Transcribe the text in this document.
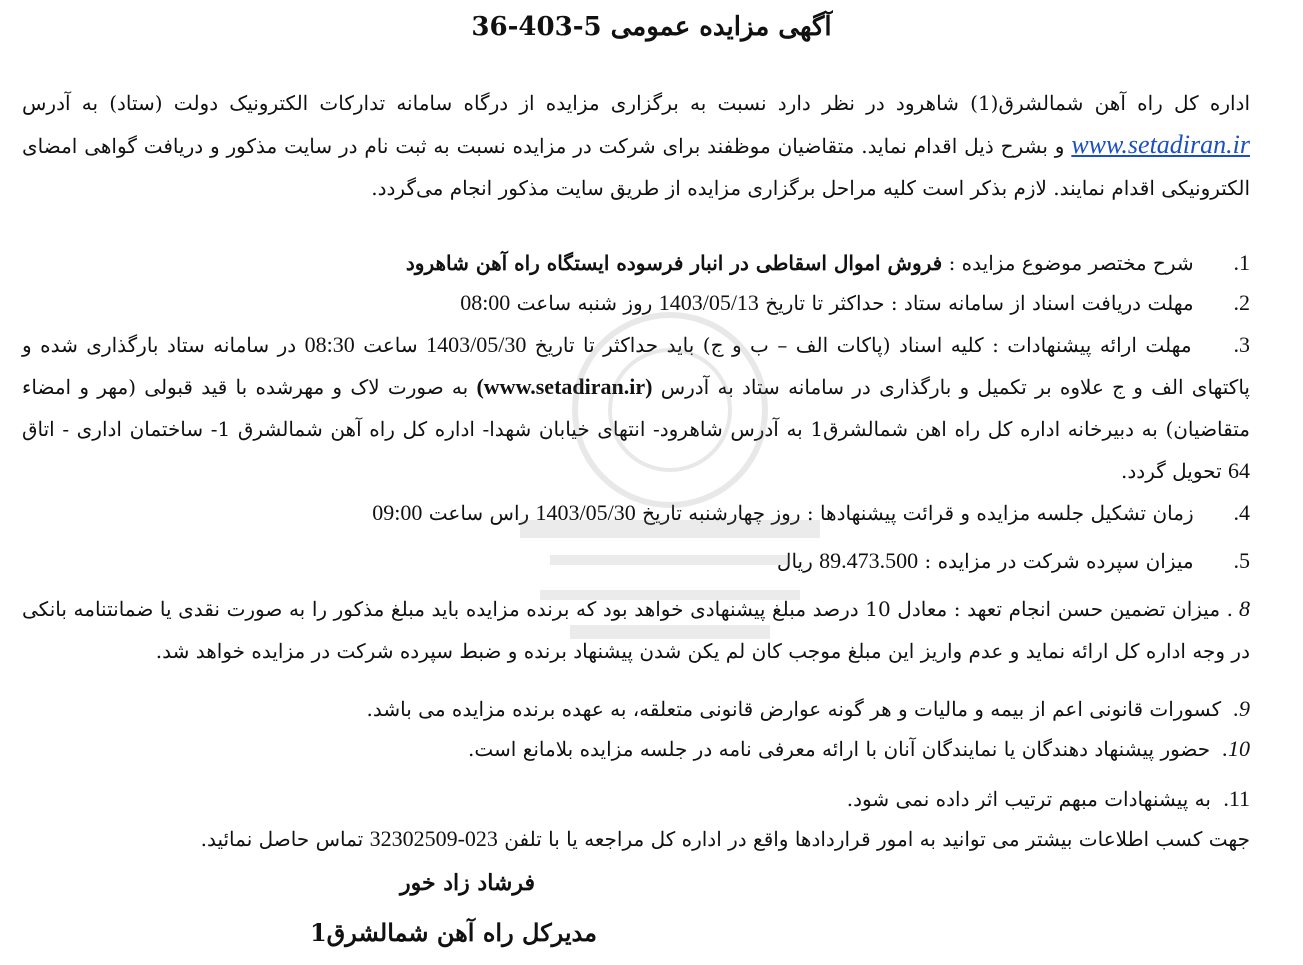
آگهی مزایده عمومی 5-403-36
اداره کل راه آهن شمالشرق(1) شاهرود در نظر دارد نسبت به برگزاری مزایده از درگاه سامانه تدارکات الکترونیک دولت (ستاد) به آدرس www.setadiran.ir و بشرح ذیل اقدام نماید. متقاضیان موظفند برای شرکت در مزایده نسبت به ثبت نام در سایت مذکور و دریافت گواهی امضای الکترونیکی اقدام نمایند. لازم بذکر است کلیه مراحل برگزاری مزایده از طریق سایت مذکور انجام می‌گردد.
1. شرح مختصر موضوع مزایده : فروش اموال اسقاطی در انبار فرسوده ایستگاه راه آهن شاهرود
2. مهلت دریافت اسناد از سامانه ستاد : حداکثر تا تاریخ 1403/05/13 روز شنبه ساعت 08:00
3. مهلت ارائه پیشنهادات : کلیه اسناد (پاکات الف – ب و ج) باید حداکثر تا تاریخ 1403/05/30 ساعت 08:30 در سامانه ستاد بارگذاری شده و پاکتهای الف و ج علاوه بر تکمیل و بارگذاری در سامانه ستاد به آدرس (www.setadiran.ir) به صورت لاک و مهرشده با قید قبولی (مهر و امضاء متقاضیان) به دبیرخانه اداره کل راه اهن شمالشرق1 به آدرس شاهرود- انتهای خیابان شهدا- اداره کل راه آهن شمالشرق 1- ساختمان اداری - اتاق 64 تحویل گردد.
4. زمان تشکیل جلسه مزایده و قرائت پیشنهادها : روز چهارشنبه تاریخ 1403/05/30 راس ساعت 09:00
5. میزان سپرده شرکت در مزایده : 89.473.500 ریال
8. میزان تضمین حسن انجام تعهد : معادل 10 درصد مبلغ پیشنهادی خواهد بود که برنده مزایده باید مبلغ مذکور را به صورت نقدی یا ضمانتنامه بانکی در وجه اداره کل ارائه نماید و عدم واریز این مبلغ موجب کان لم یکن شدن پیشنهاد برنده و ضبط سپرده شرکت در مزایده خواهد شد.
9. کسورات قانونی اعم از بیمه و مالیات و هر گونه عوارض قانونی متعلقه، به عهده برنده مزایده می باشد.
10. حضور پیشنهاد دهندگان یا نمایندگان آنان با ارائه معرفی نامه در جلسه مزایده بلامانع است.
11. به پیشنهادات مبهم ترتیب اثر داده نمی شود.
جهت کسب اطلاعات بیشتر می توانید به امور قراردادها واقع در اداره کل مراجعه یا با تلفن 023-32302509 تماس حاصل نمائید.
فرشاد زاد خور
مدیرکل راه آهن شمالشرق1
